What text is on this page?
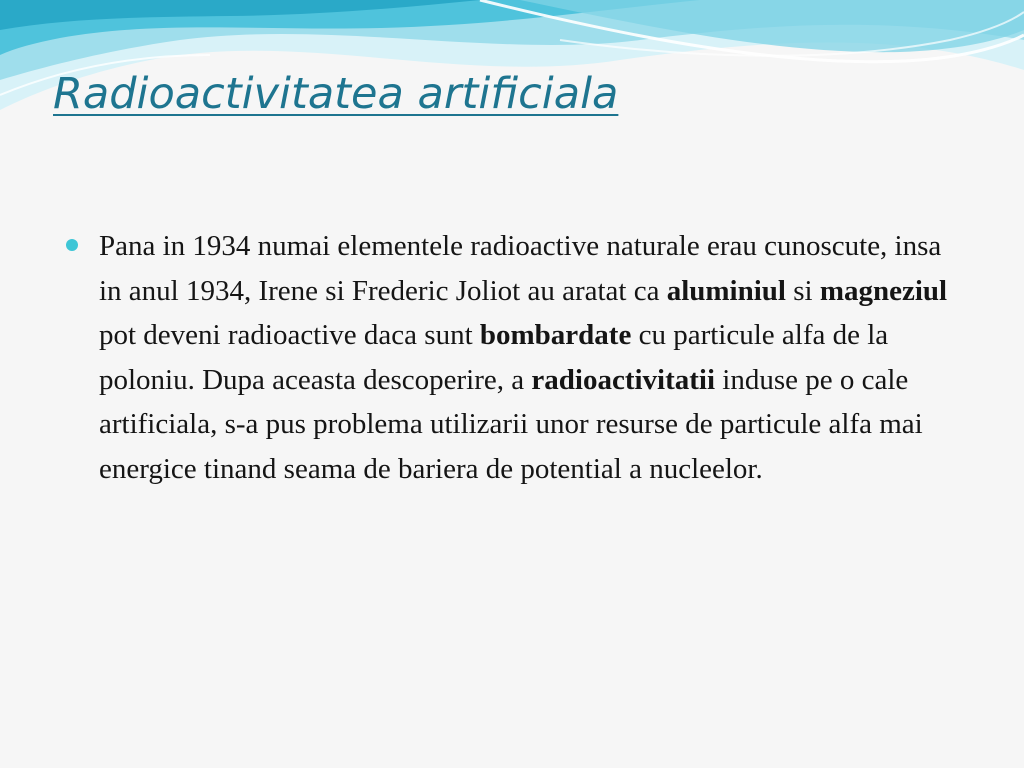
Radioactivitatea artificiala

Pana in 1934 numai elementele radioactive naturale erau cunoscute, insa in anul 1934, Irene si Frederic Joliot au aratat ca aluminiul si magneziul pot deveni radioactive daca sunt bombardate cu particule alfa de la poloniu. Dupa aceasta descoperire, a radioactivitatii induse pe o cale artificiala, s-a pus problema utilizarii unor resurse de particule alfa mai energice tinand seama de bariera de potential a nucleelor.
